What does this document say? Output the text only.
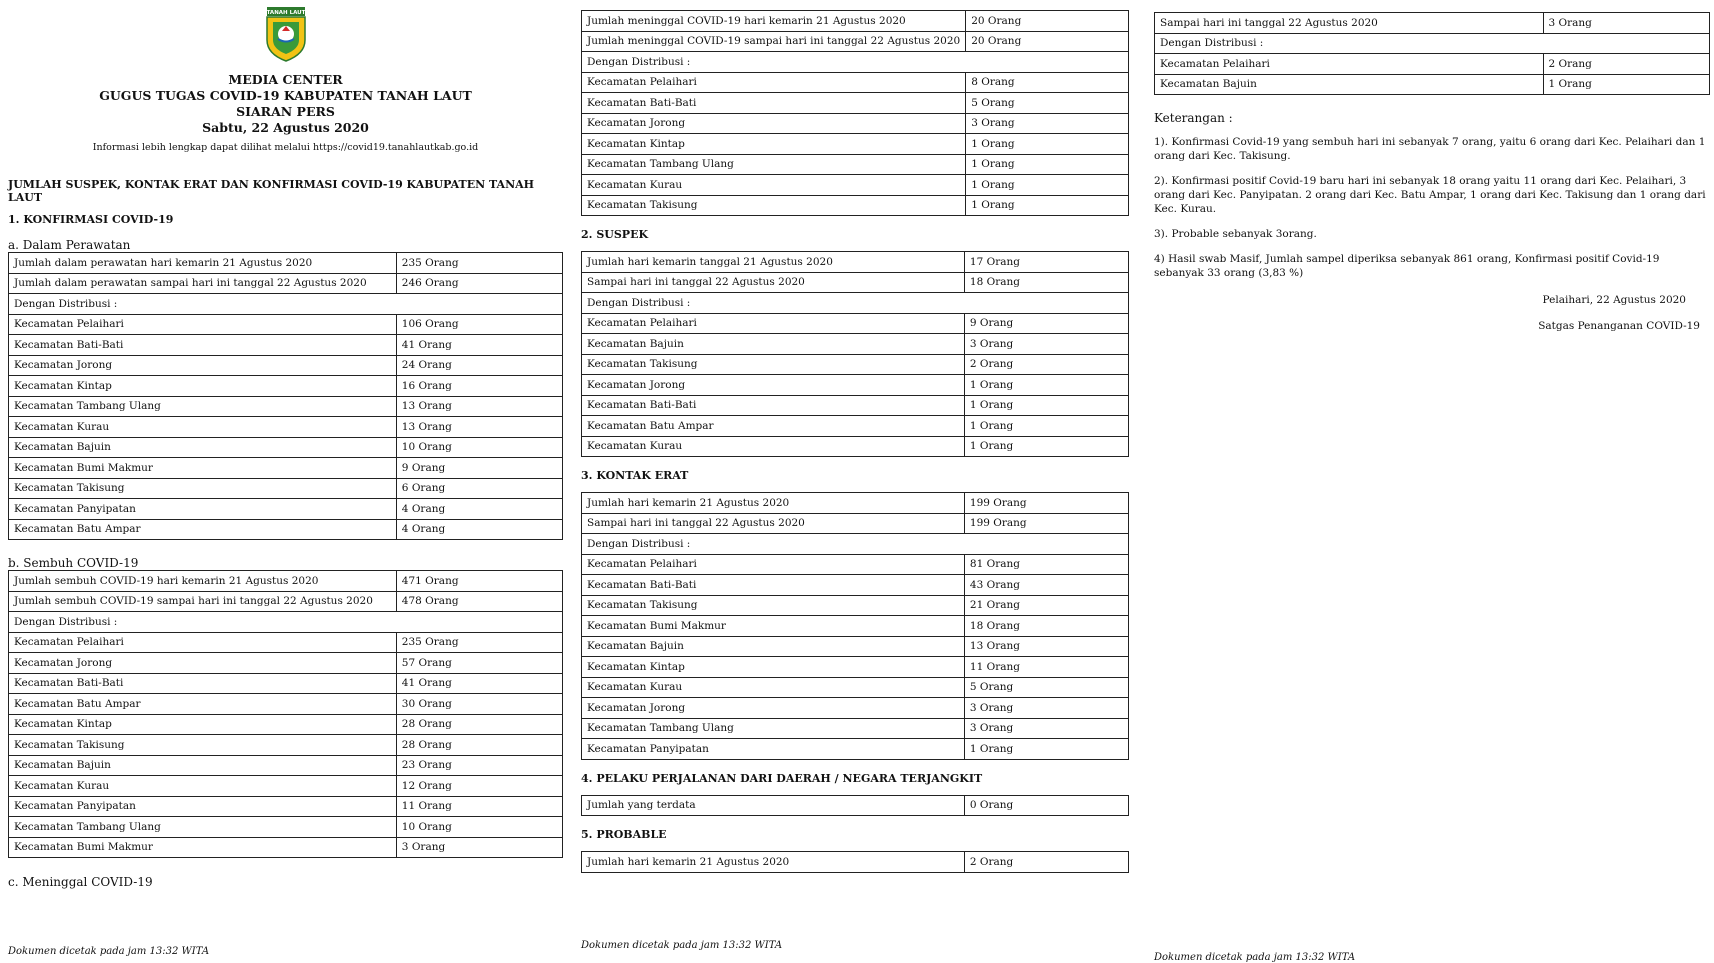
TANAH LAUT
MEDIA CENTER
GUGUS TUGAS COVID-19 KABUPATEN TANAH LAUT
SIARAN PERS
Sabtu, 22 Agustus 2020
Informasi lebih lengkap dapat dilihat melalui https://covid19.tanahlautkab.go.id
JUMLAH SUSPEK, KONTAK ERAT DAN KONFIRMASI COVID-19 KABUPATEN TANAH LAUT
1. KONFIRMASI COVID-19
a. Dalam Perawatan
Jumlah dalam perawatan hari kemarin 21 Agustus 2020	235 Orang
Jumlah dalam perawatan sampai hari ini tanggal 22 Agustus 2020	246 Orang
Dengan Distribusi :	
Kecamatan Pelaihari	106 Orang
Kecamatan Bati-Bati	41 Orang
Kecamatan Jorong	24 Orang
Kecamatan Kintap	16 Orang
Kecamatan Tambang Ulang	13 Orang
Kecamatan Kurau	13 Orang
Kecamatan Bajuin	10 Orang
Kecamatan Bumi Makmur	9 Orang
Kecamatan Takisung	6 Orang
Kecamatan Panyipatan	4 Orang
Kecamatan Batu Ampar	4 Orang
b. Sembuh COVID-19
Jumlah sembuh COVID-19 hari kemarin 21 Agustus 2020	471 Orang
Jumlah sembuh COVID-19 sampai hari ini tanggal 22 Agustus 2020	478 Orang
Dengan Distribusi :	
Kecamatan Pelaihari	235 Orang
Kecamatan Jorong	57 Orang
Kecamatan Bati-Bati	41 Orang
Kecamatan Batu Ampar	30 Orang
Kecamatan Kintap	28 Orang
Kecamatan Takisung	28 Orang
Kecamatan Bajuin	23 Orang
Kecamatan Kurau	12 Orang
Kecamatan Panyipatan	11 Orang
Kecamatan Tambang Ulang	10 Orang
Kecamatan Bumi Makmur	3 Orang
c. Meninggal COVID-19
Dokumen dicetak pada jam 13:32 WITA
Jumlah meninggal COVID-19 hari kemarin 21 Agustus 2020	20 Orang
Jumlah meninggal COVID-19 sampai hari ini tanggal 22 Agustus 2020	20 Orang
Dengan Distribusi :	
Kecamatan Pelaihari	8 Orang
Kecamatan Bati-Bati	5 Orang
Kecamatan Jorong	3 Orang
Kecamatan Kintap	1 Orang
Kecamatan Tambang Ulang	1 Orang
Kecamatan Kurau	1 Orang
Kecamatan Takisung	1 Orang
2. SUSPEK
Jumlah hari kemarin tanggal 21 Agustus 2020	17 Orang
Sampai hari ini tanggal 22 Agustus 2020	18 Orang
Dengan Distribusi :	
Kecamatan Pelaihari	9 Orang
Kecamatan Bajuin	3 Orang
Kecamatan Takisung	2 Orang
Kecamatan Jorong	1 Orang
Kecamatan Bati-Bati	1 Orang
Kecamatan Batu Ampar	1 Orang
Kecamatan Kurau	1 Orang
3. KONTAK ERAT
Jumlah hari kemarin 21 Agustus 2020	199 Orang
Sampai hari ini tanggal 22 Agustus 2020	199 Orang
Dengan Distribusi :	
Kecamatan Pelaihari	81 Orang
Kecamatan Bati-Bati	43 Orang
Kecamatan Takisung	21 Orang
Kecamatan Bumi Makmur	18 Orang
Kecamatan Bajuin	13 Orang
Kecamatan Kintap	11 Orang
Kecamatan Kurau	5 Orang
Kecamatan Jorong	3 Orang
Kecamatan Tambang Ulang	3 Orang
Kecamatan Panyipatan	1 Orang
4. PELAKU PERJALANAN DARI DAERAH / NEGARA TERJANGKIT
Jumlah yang terdata	0 Orang
5. PROBABLE
Jumlah hari kemarin 21 Agustus 2020	2 Orang
Dokumen dicetak pada jam 13:32 WITA
Sampai hari ini tanggal 22 Agustus 2020	3 Orang
Dengan Distribusi :	
Kecamatan Pelaihari	2 Orang
Kecamatan Bajuin	1 Orang
Keterangan :

1). Konfirmasi Covid-19 yang sembuh hari ini sebanyak 7 orang, yaitu 6 orang dari Kec. Pelaihari dan 1 orang dari Kec. Takisung.

2). Konfirmasi positif Covid-19 baru hari ini sebanyak 18 orang yaitu 11 orang dari Kec. Pelaihari, 3 orang dari Kec. Panyipatan. 2 orang dari Kec. Batu Ampar, 1 orang dari Kec. Takisung dan 1 orang dari Kec. Kurau.

3). Probable sebanyak 3orang.

4) Hasil swab Masif, Jumlah sampel diperiksa sebanyak 861 orang, Konfirmasi positif Covid-19 sebanyak 33 orang (3,83 %)

Pelaihari, 22 Agustus 2020
Satgas Penanganan COVID-19
Dokumen dicetak pada jam 13:32 WITA
